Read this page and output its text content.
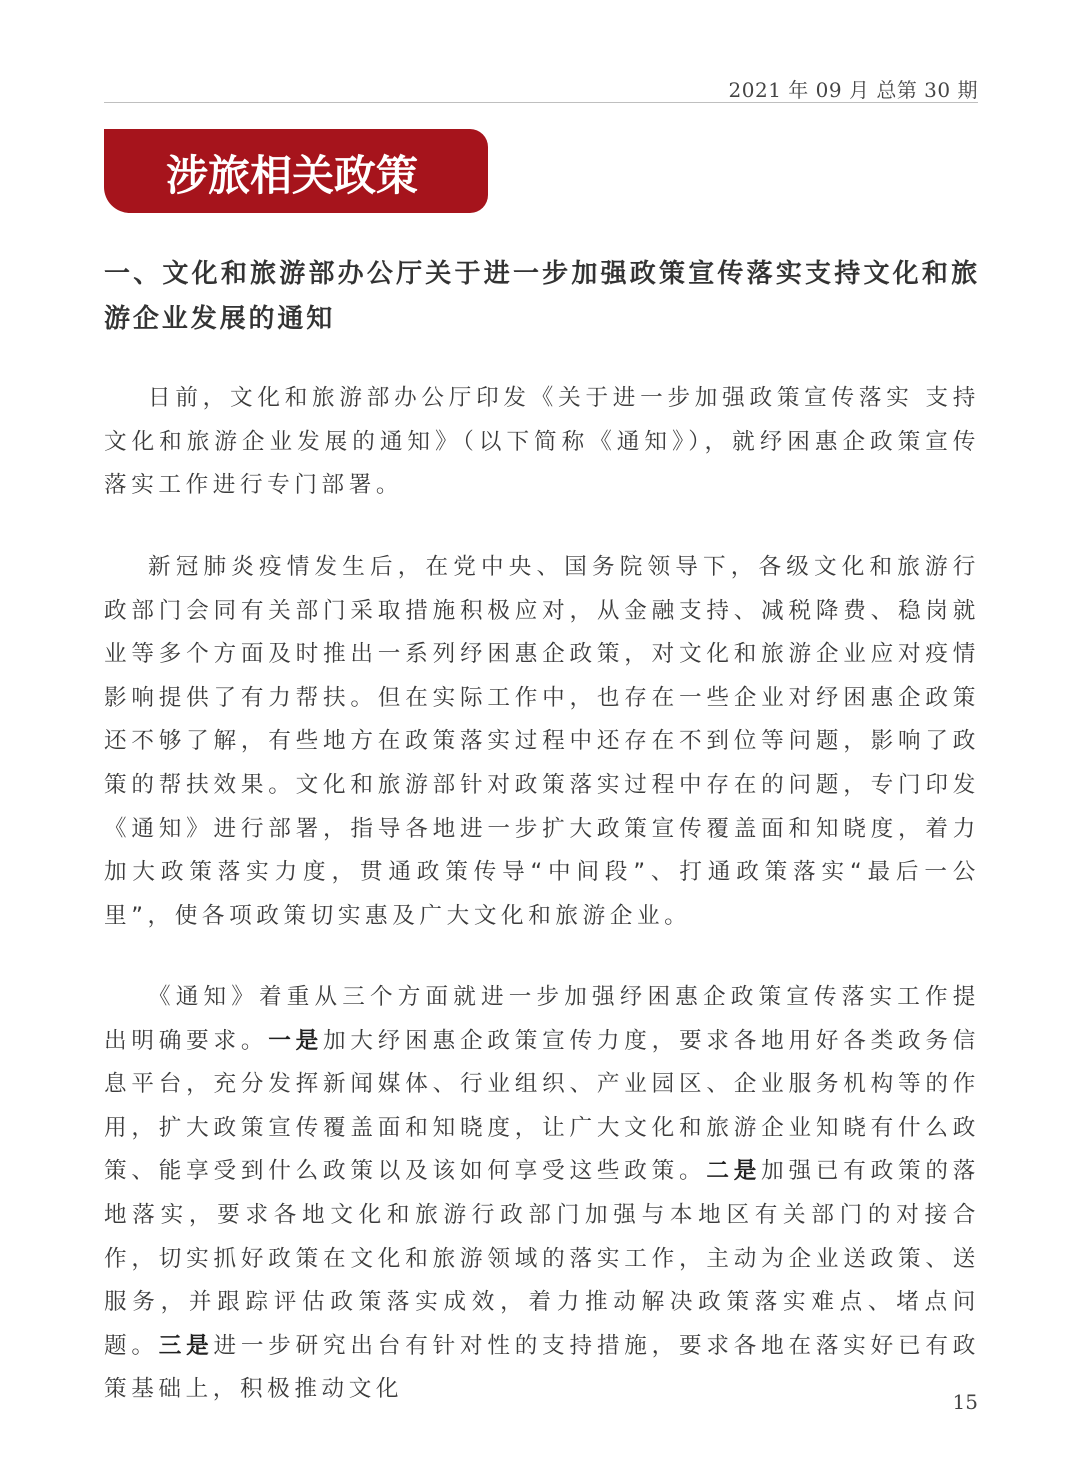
2021 年 09 月 总第 30 期
涉旅相关政策
一、文化和旅游部办公厅关于进一步加强政策宣传落实支持文化和旅游企业发展的通知
日前，文化和旅游部办公厅印发《关于进一步加强政策宣传落实 支持文化和旅游企业发展的通知》（以下简称《通知》），就纾困惠企政策宣传落实工作进行专门部署。
新冠肺炎疫情发生后，在党中央、国务院领导下，各级文化和旅游行政部门会同有关部门采取措施积极应对，从金融支持、减税降费、稳岗就业等多个方面及时推出一系列纾困惠企政策，对文化和旅游企业应对疫情影响提供了有力帮扶。但在实际工作中，也存在一些企业对纾困惠企政策还不够了解，有些地方在政策落实过程中还存在不到位等问题，影响了政策的帮扶效果。文化和旅游部针对政策落实过程中存在的问题，专门印发《通知》进行部署，指导各地进一步扩大政策宣传覆盖面和知晓度，着力加大政策落实力度，贯通政策传导“中间段”、打通政策落实“最后一公里”，使各项政策切实惠及广大文化和旅游企业。
《通知》着重从三个方面就进一步加强纾困惠企政策宣传落实工作提出明确要求。一是加大纾困惠企政策宣传力度，要求各地用好各类政务信息平台，充分发挥新闻媒体、行业组织、产业园区、企业服务机构等的作用，扩大政策宣传覆盖面和知晓度，让广大文化和旅游企业知晓有什么政策、能享受到什么政策以及该如何享受这些政策。二是加强已有政策的落地落实，要求各地文化和旅游行政部门加强与本地区有关部门的对接合作，切实抓好政策在文化和旅游领域的落实工作，主动为企业送政策、送服务，并跟踪评估政策落实成效，着力推动解决政策落实难点、堵点问题。三是进一步研究出台有针对性的支持措施，要求各地在落实好已有政策基础上，积极推动文化	15
